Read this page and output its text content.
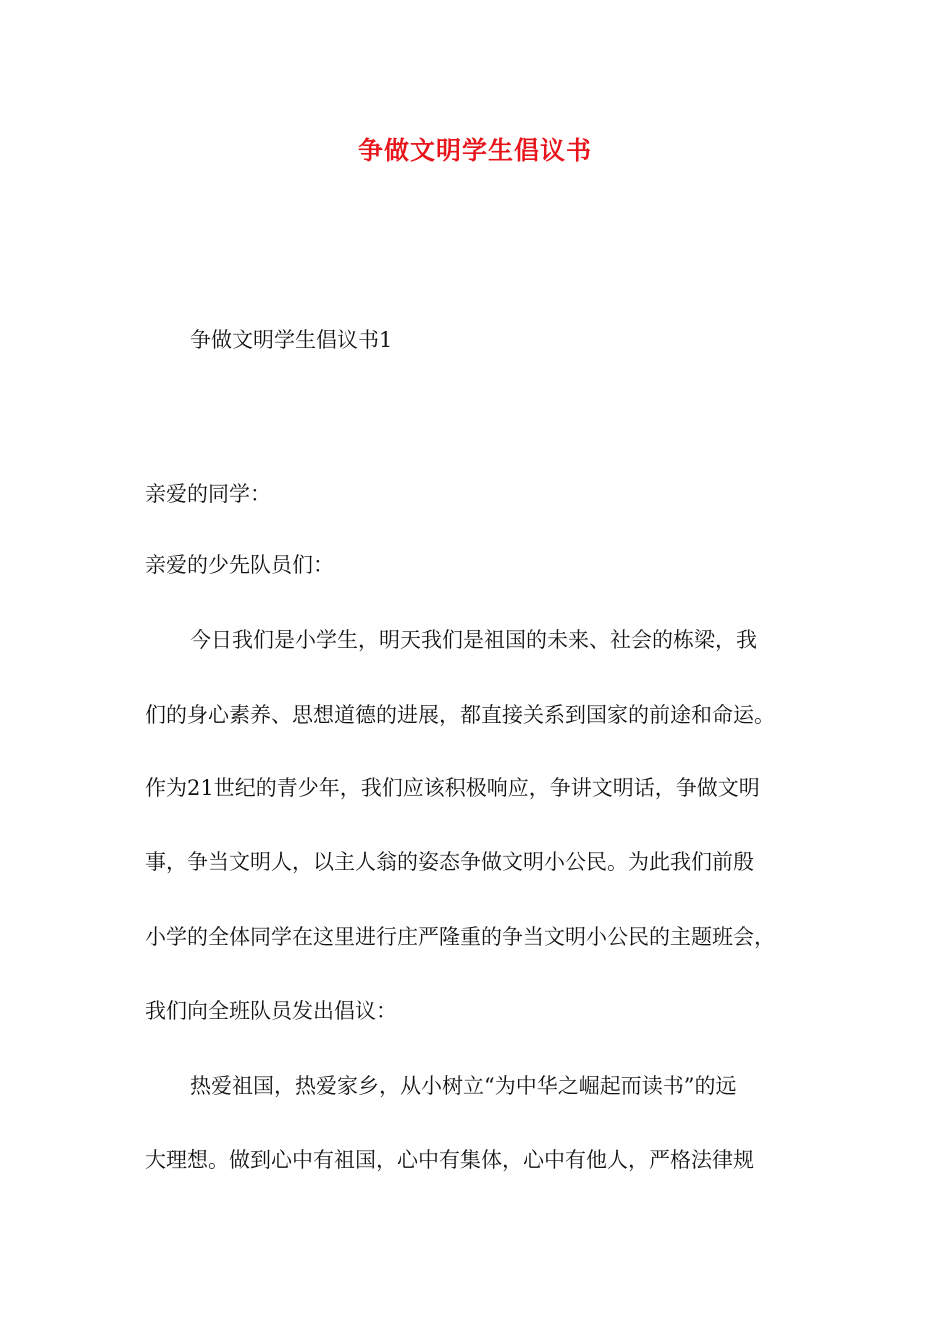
争做文明学生倡议书

争做文明学生倡议书1

亲爱的同学：

亲爱的少先队员们：

今日我们是小学生，明天我们是祖国的未来、社会的栋梁，我

们的身心素养、思想道德的进展，都直接关系到国家的前途和命运。

作为21世纪的青少年，我们应该积极响应，争讲文明话，争做文明

事，争当文明人，以主人翁的姿态争做文明小公民。为此我们前殷

小学的全体同学在这里进行庄严隆重的争当文明小公民的主题班会，

我们向全班队员发出倡议：

热爱祖国，热爱家乡，从小树立“为中华之崛起而读书”的远

大理想。做到心中有祖国，心中有集体，心中有他人，严格法律规
